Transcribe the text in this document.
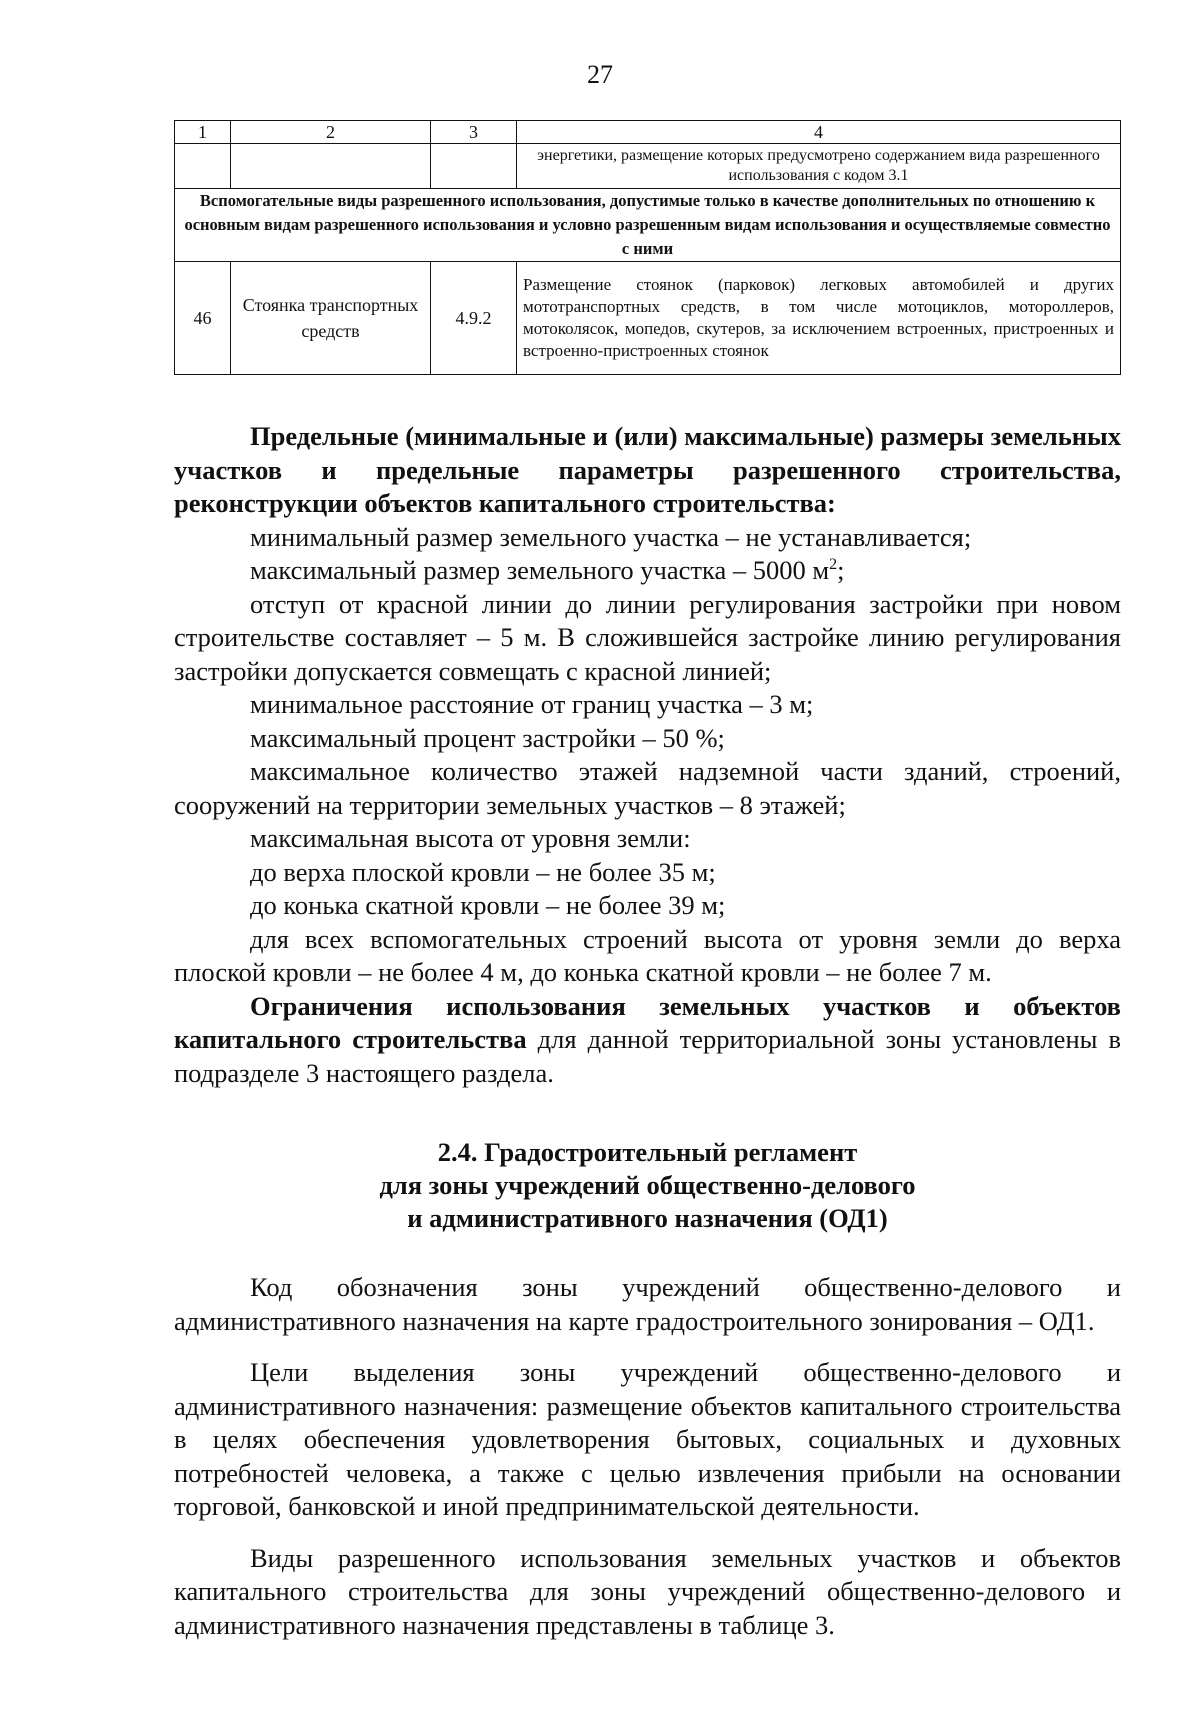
27
1	2	3	4
			энергетики, размещение которых предусмотрено содержанием вида разрешенного использования с кодом 3.1
Вспомогательные виды разрешенного использования, допустимые только в качестве дополнительных по отношению к основным видам разрешенного использования и условно разрешенным видам использования и осуществляемые совместно с ними			
46	Стоянка транспортных средств	4.9.2	Размещение стоянок (парковок) легковых автомобилей и других мототранспортных средств, в том числе мотоциклов, мотороллеров, мотоколясок, мопедов, скутеров, за исключением встроенных, пристроенных и встроенно-пристроенных стоянок

Предельные (минимальные и (или) максимальные) размеры земельных участков и предельные параметры разрешенного строительства, реконструкции объектов капитального строительства:

минимальный размер земельного участка – не устанавливается;

максимальный размер земельного участка – 5000 $м^2$;

отступ от красной линии до линии регулирования застройки при новом строительстве составляет – 5 м. В сложившейся застройке линию регулирования застройки допускается совмещать с красной линией;

минимальное расстояние от границ участка – 3 м;

максимальный процент застройки – 50 %;

максимальное количество этажей надземной части зданий, строений, сооружений на территории земельных участков – 8 этажей;

максимальная высота от уровня земли:

до верха плоской кровли – не более 35 м;

до конька скатной кровли – не более 39 м;

для всех вспомогательных строений высота от уровня земли до верха плоской кровли – не более 4 м, до конька скатной кровли – не более 7 м.

Ограничения использования земельных участков и объектов капитального строительства для данной территориальной зоны установлены в подразделе 3 настоящего раздела.

2.4. Градостроительный регламент
для зоны учреждений общественно-делового
и административного назначения (ОД1)

Код обозначения зоны учреждений общественно-делового и административного назначения на карте градостроительного зонирования – ОД1.

Цели выделения зоны учреждений общественно-делового и административного назначения: размещение объектов капитального строительства в целях обеспечения удовлетворения бытовых, социальных и духовных потребностей человека, а также с целью извлечения прибыли на основании торговой, банковской и иной предпринимательской деятельности.

Виды разрешенного использования земельных участков и объектов капитального строительства для зоны учреждений общественно-делового и административного назначения представлены в таблице 3.
